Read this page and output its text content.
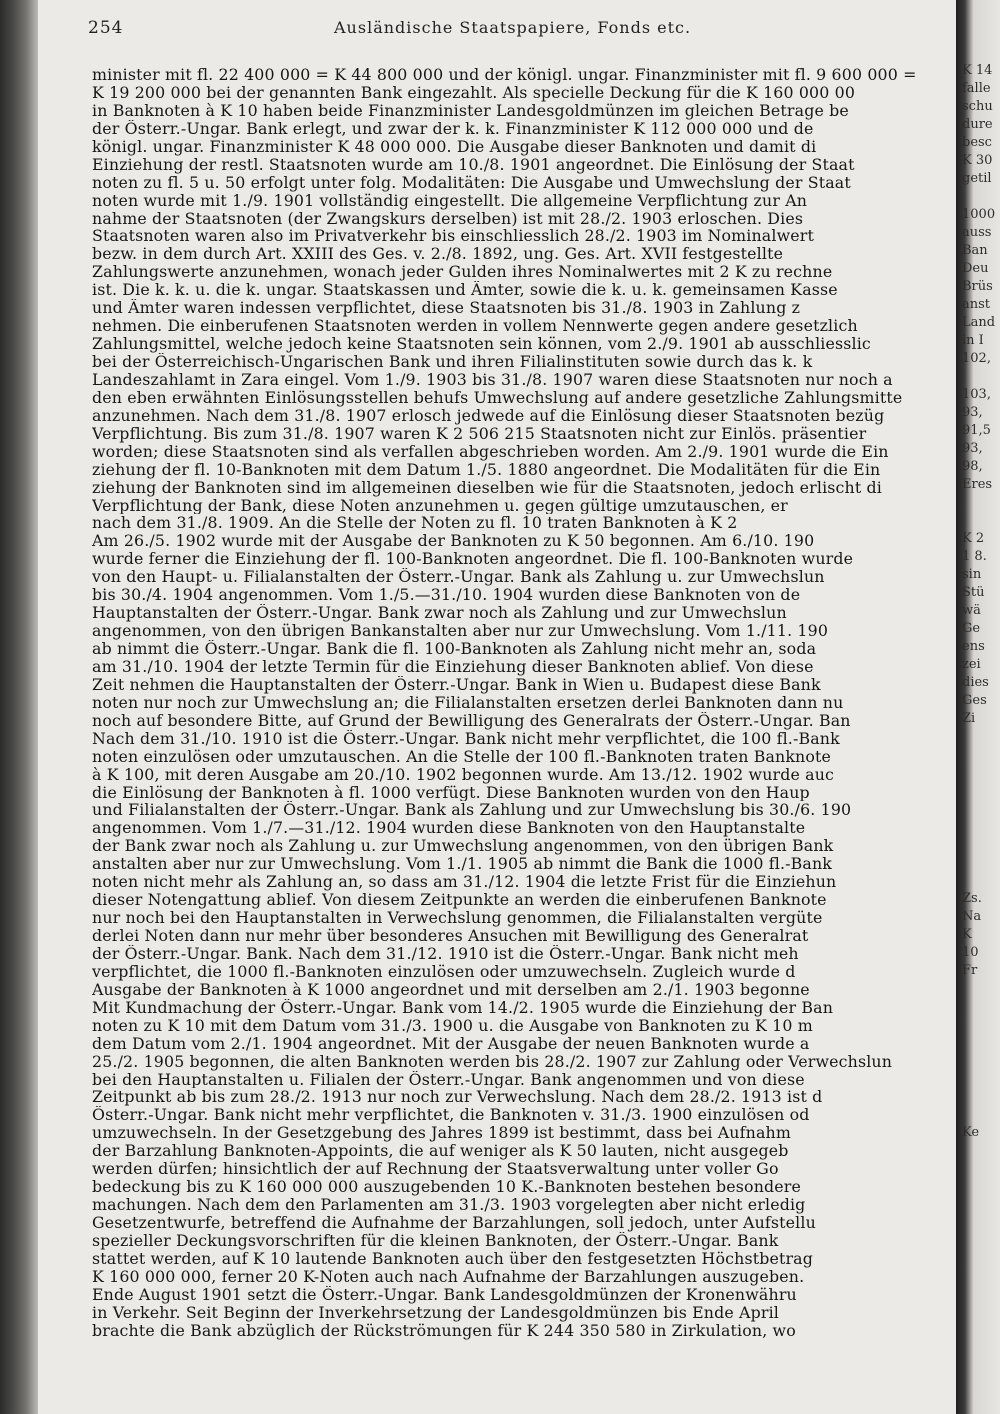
254	Ausländische Staatspapiere, Fonds etc.
minister mit fl. 22 400 000 = K 44 800 000 und der königl. ungar. Finanzminister mit fl. 9 600 000 =
K 19 200 000 bei der genannten Bank eingezahlt. Als specielle Deckung für die K 160 000 00
in Banknoten à K 10 haben beide Finanzminister Landesgoldmünzen im gleichen Betrage be
der Österr.-Ungar. Bank erlegt, und zwar der k. k. Finanzminister K 112 000 000 und de
königl. ungar. Finanzminister K 48 000 000. Die Ausgabe dieser Banknoten und damit di
Einziehung der restl. Staatsnoten wurde am 10./8. 1901 angeordnet. Die Einlösung der Staat
noten zu fl. 5 u. 50 erfolgt unter folg. Modalitäten: Die Ausgabe und Umwechslung der Staat
noten wurde mit 1./9. 1901 vollständig eingestellt. Die allgemeine Verpflichtung zur An
nahme der Staatsnoten (der Zwangskurs derselben) ist mit 28./2. 1903 erloschen. Dies
Staatsnoten waren also im Privatverkehr bis einschliesslich 28./2. 1903 im Nominalwert
bezw. in dem durch Art. XXIII des Ges. v. 2./8. 1892, ung. Ges. Art. XVII festgestellte
Zahlungswerte anzunehmen, wonach jeder Gulden ihres Nominalwertes mit 2 K zu rechne
ist. Die k. k. u. die k. ungar. Staatskassen und Ämter, sowie die k. u. k. gemeinsamen Kasse
und Ämter waren indessen verpflichtet, diese Staatsnoten bis 31./8. 1903 in Zahlung z
nehmen. Die einberufenen Staatsnoten werden in vollem Nennwerte gegen andere gesetzlich
Zahlungsmittel, welche jedoch keine Staatsnoten sein können, vom 2./9. 1901 ab ausschliesslic
bei der Österreichisch-Ungarischen Bank und ihren Filialinstituten sowie durch das k. k
Landeszahlamt in Zara eingel. Vom 1./9. 1903 bis 31./8. 1907 waren diese Staatsnoten nur noch a
den eben erwähnten Einlösungsstellen behufs Umwechslung auf andere gesetzliche Zahlungsmitte
anzunehmen. Nach dem 31./8. 1907 erlosch jedwede auf die Einlösung dieser Staatsnoten bezüg
Verpflichtung. Bis zum 31./8. 1907 waren K 2 506 215 Staatsnoten nicht zur Einlös. präsentier
worden; diese Staatsnoten sind als verfallen abgeschrieben worden. Am 2./9. 1901 wurde die Ein
ziehung der fl. 10-Banknoten mit dem Datum 1./5. 1880 angeordnet. Die Modalitäten für die Ein
ziehung der Banknoten sind im allgemeinen dieselben wie für die Staatsnoten, jedoch erlischt di
Verpflichtung der Bank, diese Noten anzunehmen u. gegen gültige umzutauschen, er
nach dem 31./8. 1909. An die Stelle der Noten zu fl. 10 traten Banknoten à K 2
Am 26./5. 1902 wurde mit der Ausgabe der Banknoten zu K 50 begonnen. Am 6./10. 190
wurde ferner die Einziehung der fl. 100-Banknoten angeordnet. Die fl. 100-Banknoten wurde
von den Haupt- u. Filialanstalten der Österr.-Ungar. Bank als Zahlung u. zur Umwechslun
bis 30./4. 1904 angenommen. Vom 1./5.—31./10. 1904 wurden diese Banknoten von de
Hauptanstalten der Österr.-Ungar. Bank zwar noch als Zahlung und zur Umwechslun
angenommen, von den übrigen Bankanstalten aber nur zur Umwechslung. Vom 1./11. 190
ab nimmt die Österr.-Ungar. Bank die fl. 100-Banknoten als Zahlung nicht mehr an, soda
am 31./10. 1904 der letzte Termin für die Einziehung dieser Banknoten ablief. Von diese
Zeit nehmen die Hauptanstalten der Österr.-Ungar. Bank in Wien u. Budapest diese Bank
noten nur noch zur Umwechslung an; die Filialanstalten ersetzen derlei Banknoten dann nu
noch auf besondere Bitte, auf Grund der Bewilligung des Generalrats der Österr.-Ungar. Ban
Nach dem 31./10. 1910 ist die Österr.-Ungar. Bank nicht mehr verpflichtet, die 100 fl.-Bank
noten einzulösen oder umzutauschen. An die Stelle der 100 fl.-Banknoten traten Banknote
à K 100, mit deren Ausgabe am 20./10. 1902 begonnen wurde. Am 13./12. 1902 wurde auc
die Einlösung der Banknoten à fl. 1000 verfügt. Diese Banknoten wurden von den Haup
und Filialanstalten der Österr.-Ungar. Bank als Zahlung und zur Umwechslung bis 30./6. 190
angenommen. Vom 1./7.—31./12. 1904 wurden diese Banknoten von den Hauptanstalte
der Bank zwar noch als Zahlung u. zur Umwechslung angenommen, von den übrigen Bank
anstalten aber nur zur Umwechslung. Vom 1./1. 1905 ab nimmt die Bank die 1000 fl.-Bank
noten nicht mehr als Zahlung an, so dass am 31./12. 1904 die letzte Frist für die Einziehun
dieser Notengattung ablief. Von diesem Zeitpunkte an werden die einberufenen Banknote
nur noch bei den Hauptanstalten in Verwechslung genommen, die Filialanstalten vergüte
derlei Noten dann nur mehr über besonderes Ansuchen mit Bewilligung des Generalrat
der Österr.-Ungar. Bank. Nach dem 31./12. 1910 ist die Österr.-Ungar. Bank nicht meh
verpflichtet, die 1000 fl.-Banknoten einzulösen oder umzuwechseln. Zugleich wurde d
Ausgabe der Banknoten à K 1000 angeordnet und mit derselben am 2./1. 1903 begonne
Mit Kundmachung der Österr.-Ungar. Bank vom 14./2. 1905 wurde die Einziehung der Ban
noten zu K 10 mit dem Datum vom 31./3. 1900 u. die Ausgabe von Banknoten zu K 10 m
dem Datum vom 2./1. 1904 angeordnet. Mit der Ausgabe der neuen Banknoten wurde a
25./2. 1905 begonnen, die alten Banknoten werden bis 28./2. 1907 zur Zahlung oder Verwechslun
bei den Hauptanstalten u. Filialen der Österr.-Ungar. Bank angenommen und von diese
Zeitpunkt ab bis zum 28./2. 1913 nur noch zur Verwechslung. Nach dem 28./2. 1913 ist d
Österr.-Ungar. Bank nicht mehr verpflichtet, die Banknoten v. 31./3. 1900 einzulösen od
umzuwechseln. In der Gesetzgebung des Jahres 1899 ist bestimmt, dass bei Aufnahm
der Barzahlung Banknoten-Appoints, die auf weniger als K 50 lauten, nicht ausgegeb
werden dürfen; hinsichtlich der auf Rechnung der Staatsverwaltung unter voller Go
bedeckung bis zu K 160 000 000 auszugebenden 10 K.-Banknoten bestehen besondere
machungen. Nach dem den Parlamenten am 31./3. 1903 vorgelegten aber nicht erledig
Gesetzentwurfe, betreffend die Aufnahme der Barzahlungen, soll jedoch, unter Aufstellu
spezieller Deckungsvorschriften für die kleinen Banknoten, der Österr.-Ungar. Bank
stattet werden, auf K 10 lautende Banknoten auch über den festgesetzten Höchstbetrag
K 160 000 000, ferner 20 K-Noten auch nach Aufnahme der Barzahlungen auszugeben.
Ende August 1901 setzt die Österr.-Ungar. Bank Landesgoldmünzen der Kronenwähru
in Verkehr. Seit Beginn der Inverkehrsetzung der Landesgoldmünzen bis Ende April
brachte die Bank abzüglich der Rückströmungen für K 244 350 580 in Zirkulation, wo
K 14
falle
schu
dure
besc
K 30
getil
1000
auss
Ban
Deu
Brüs
anst
Land
in I
102,
103,
93,
91,5
93,
98,
Eres
K 2
1 8.
sin
Stü
wä
Ge
ens
zei
dies
Ges
Zi
Zs.
Na
K
10
Fr
Ke
